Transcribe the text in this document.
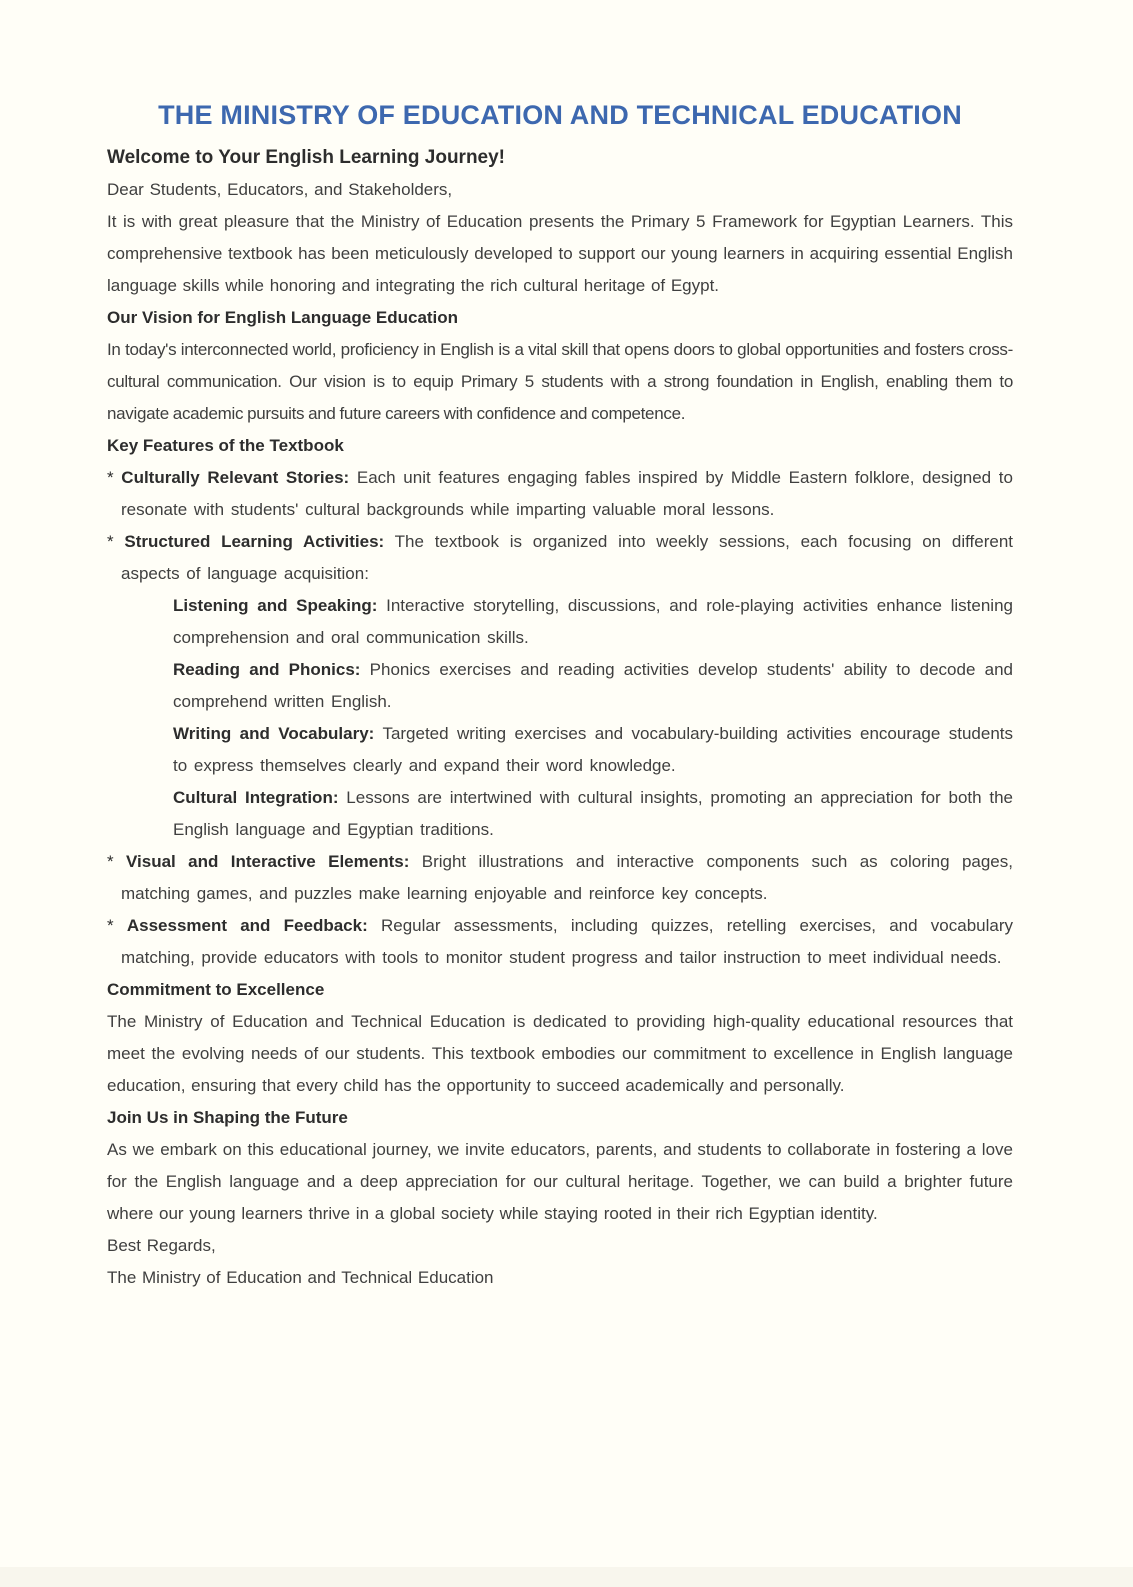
THE MINISTRY OF EDUCATION AND TECHNICAL EDUCATION
Welcome to Your English Learning Journey!

Dear Students, Educators, and Stakeholders,

It is with great pleasure that the Ministry of Education presents the Primary 5 Framework for Egyptian Learners. This comprehensive textbook has been meticulously developed to support our young learners in acquiring essential English language skills while honoring and integrating the rich cultural heritage of Egypt.

Our Vision for English Language Education

In today's interconnected world, proficiency in English is a vital skill that opens doors to global opportunities and fosters cross-cultural communication. Our vision is to equip Primary 5 students with a strong foundation in English, enabling them to navigate academic pursuits and future careers with confidence and competence.

Key Features of the Textbook

* Culturally Relevant Stories: Each unit features engaging fables inspired by Middle Eastern folklore, designed to resonate with students' cultural backgrounds while imparting valuable moral lessons.

* Structured Learning Activities: The textbook is organized into weekly sessions, each focusing on different aspects of language acquisition:

Listening and Speaking: Interactive storytelling, discussions, and role-playing activities enhance listening comprehension and oral communication skills.

Reading and Phonics: Phonics exercises and reading activities develop students' ability to decode and comprehend written English.

Writing and Vocabulary: Targeted writing exercises and vocabulary-building activities encourage students to express themselves clearly and expand their word knowledge.

Cultural Integration: Lessons are intertwined with cultural insights, promoting an appreciation for both the English language and Egyptian traditions.

* Visual and Interactive Elements: Bright illustrations and interactive components such as coloring pages, matching games, and puzzles make learning enjoyable and reinforce key concepts.

* Assessment and Feedback: Regular assessments, including quizzes, retelling exercises, and vocabulary matching, provide educators with tools to monitor student progress and tailor instruction to meet individual needs.

Commitment to Excellence

The Ministry of Education and Technical Education is dedicated to providing high-quality educational resources that meet the evolving needs of our students. This textbook embodies our commitment to excellence in English language education, ensuring that every child has the opportunity to succeed academically and personally.

Join Us in Shaping the Future

As we embark on this educational journey, we invite educators, parents, and students to collaborate in fostering a love for the English language and a deep appreciation for our cultural heritage. Together, we can build a brighter future where our young learners thrive in a global society while staying rooted in their rich Egyptian identity.

Best Regards,

The Ministry of Education and Technical Education
